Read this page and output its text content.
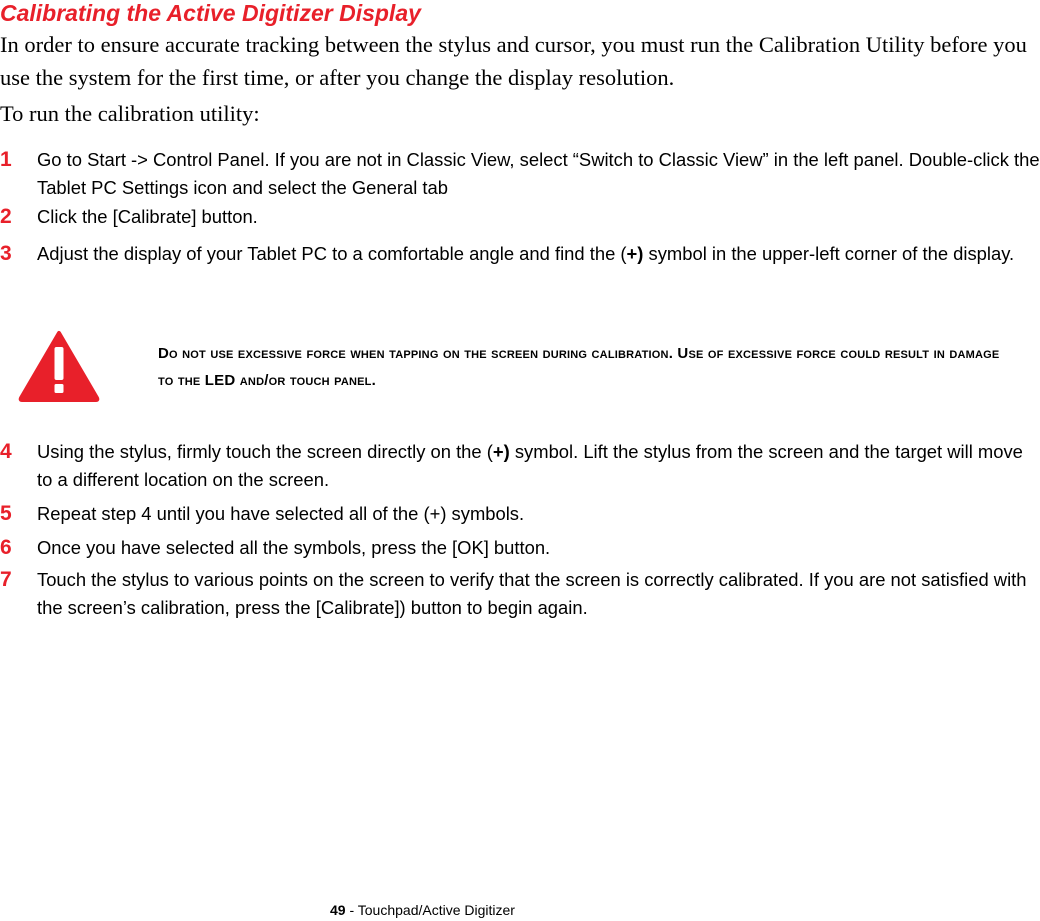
Calibrating the Active Digitizer Display
In order to ensure accurate tracking between the stylus and cursor, you must run the Calibration Utility before you use the system for the first time, or after you change the display resolution.
To run the calibration utility:
1 Go to Start -> Control Panel. If you are not in Classic View, select “Switch to Classic View” in the left panel. Double-click the Tablet PC Settings icon and select the General tab
2 Click the [Calibrate] button.
3 Adjust the display of your Tablet PC to a comfortable angle and find the (+) symbol in the upper-left corner of the display.
Do not use excessive force when tapping on the screen during calibration. Use of excessive force could result in damage to the LED and/or touch panel.
4 Using the stylus, firmly touch the screen directly on the (+) symbol. Lift the stylus from the screen and the target will move to a different location on the screen.
5 Repeat step 4 until you have selected all of the (+) symbols.
6 Once you have selected all the symbols, press the [OK] button.
7 Touch the stylus to various points on the screen to verify that the screen is correctly calibrated. If you are not satisfied with the screen’s calibration, press the [Calibrate]) button to begin again.
49 - Touchpad/Active Digitizer
